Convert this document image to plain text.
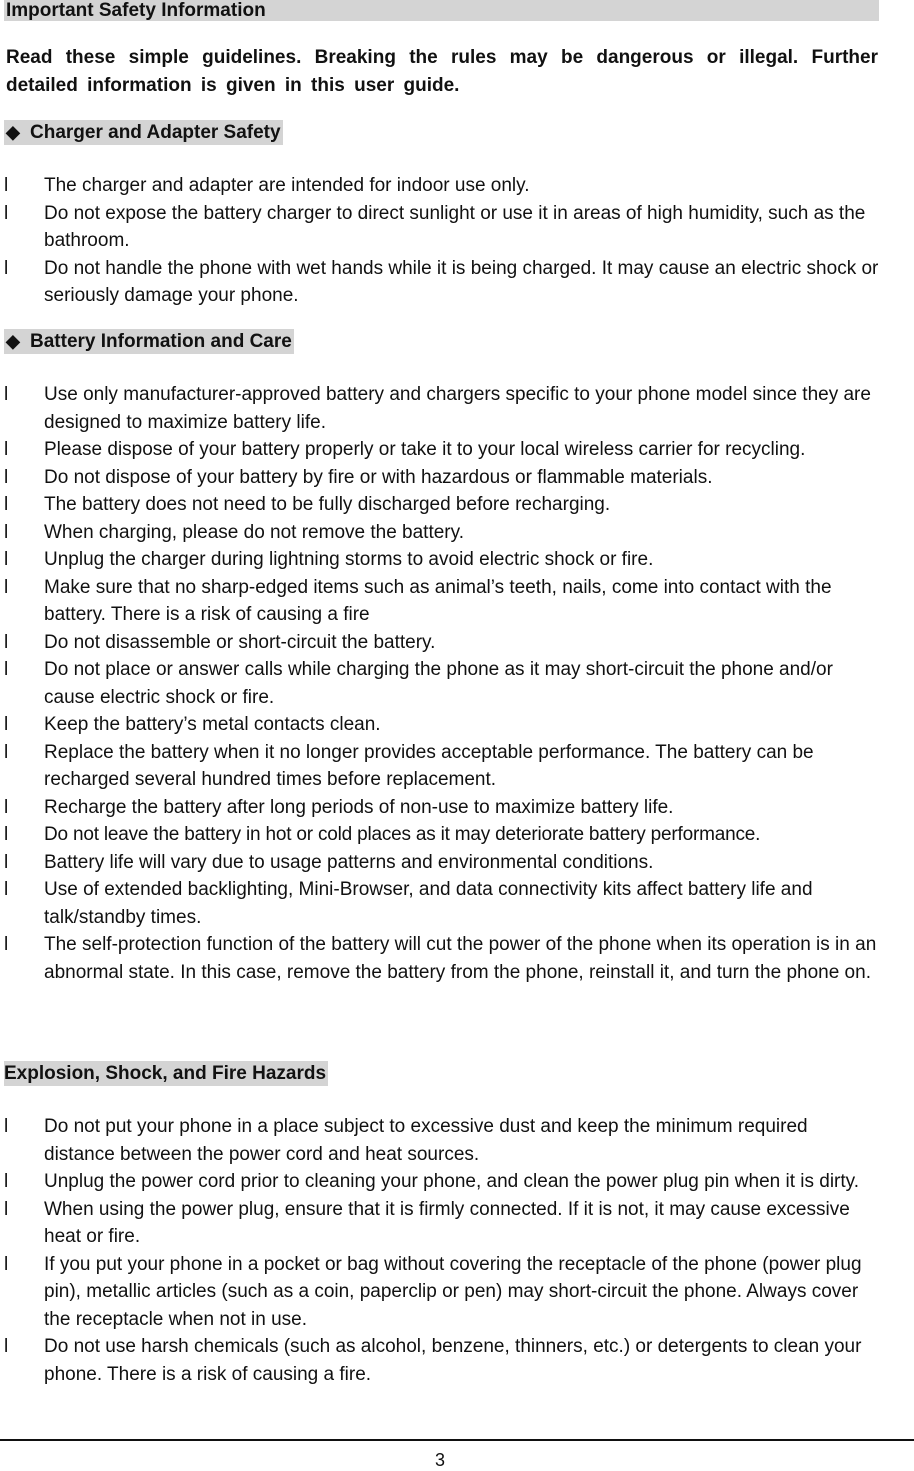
Important Safety Information
Read these simple guidelines. Breaking the rules may be dangerous or illegal. Further detailed information is given in this user guide.
◆ Charger and Adapter Safety
l	The charger and adapter are intended for indoor use only.
l	Do not expose the battery charger to direct sunlight or use it in areas of high humidity, such as the bathroom.
l	Do not handle the phone with wet hands while it is being charged. It may cause an electric shock or seriously damage your phone.
◆ Battery Information and Care
l	Use only manufacturer-approved battery and chargers specific to your phone model since they are designed to maximize battery life.
l	Please dispose of your battery properly or take it to your local wireless carrier for recycling.
l	Do not dispose of your battery by fire or with hazardous or flammable materials.
l	The battery does not need to be fully discharged before recharging.
l	When charging, please do not remove the battery.
l	Unplug the charger during lightning storms to avoid electric shock or fire.
l	Make sure that no sharp-edged items such as animal’s teeth, nails, come into contact with the battery. There is a risk of causing a fire
l	Do not disassemble or short-circuit the battery.
l	Do not place or answer calls while charging the phone as it may short-circuit the phone and/or cause electric shock or fire.
l	Keep the battery’s metal contacts clean.
l	Replace the battery when it no longer provides acceptable performance. The battery can be recharged several hundred times before replacement.
l	Recharge the battery after long periods of non-use to maximize battery life.
l	Do not leave the battery in hot or cold places as it may deteriorate battery performance.
l	Battery life will vary due to usage patterns and environmental conditions.
l	Use of extended backlighting, Mini-Browser, and data connectivity kits affect battery life and talk/standby times.
l	The self-protection function of the battery will cut the power of the phone when its operation is in an abnormal state. In this case, remove the battery from the phone, reinstall it, and turn the phone on.
Explosion, Shock, and Fire Hazards
l	Do not put your phone in a place subject to excessive dust and keep the minimum required distance between the power cord and heat sources.
l	Unplug the power cord prior to cleaning your phone, and clean the power plug pin when it is dirty.
l	When using the power plug, ensure that it is firmly connected. If it is not, it may cause excessive heat or fire.
l	If you put your phone in a pocket or bag without covering the receptacle of the phone (power plug pin), metallic articles (such as a coin, paperclip or pen) may short-circuit the phone. Always cover the receptacle when not in use.
l	Do not use harsh chemicals (such as alcohol, benzene, thinners, etc.) or detergents to clean your phone. There is a risk of causing a fire.
3
